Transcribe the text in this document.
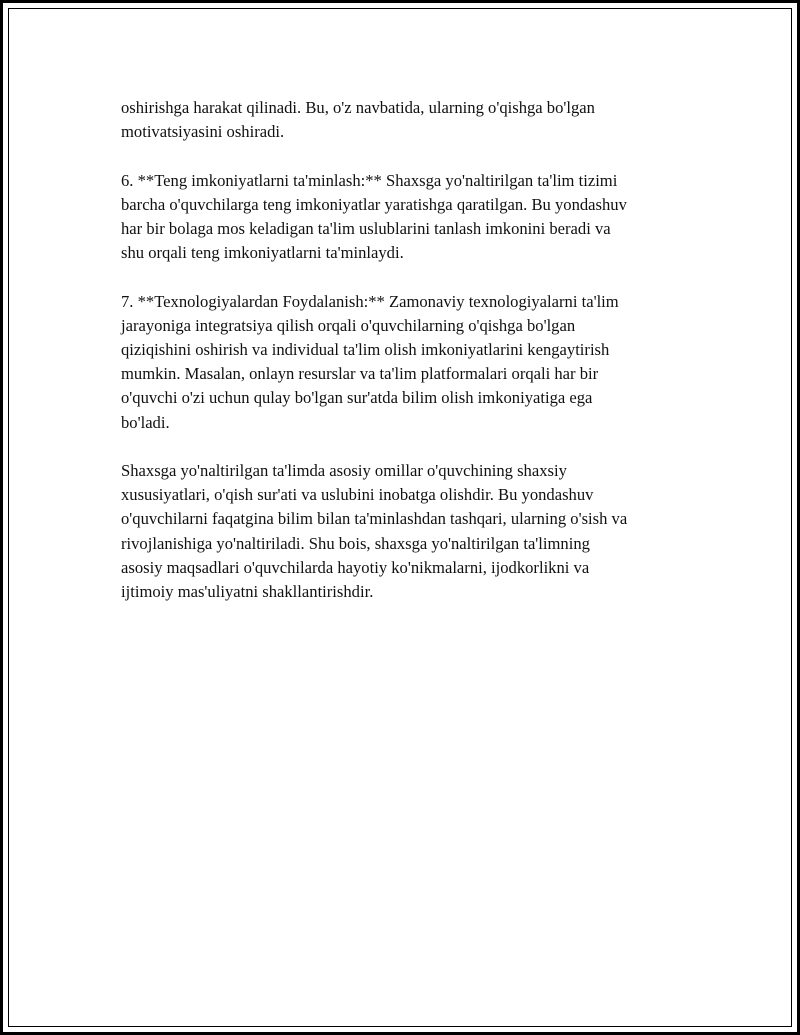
oshirishga harakat qilinadi. Bu, o'z navbatida, ularning o'qishga bo'lgan
motivatsiyasini oshiradi.

6. **Teng imkoniyatlarni ta'minlash:** Shaxsga yo'naltirilgan ta'lim tizimi
barcha o'quvchilarga teng imkoniyatlar yaratishga qaratilgan. Bu yondashuv
har bir bolaga mos keladigan ta'lim uslublarini tanlash imkonini beradi va
shu orqali teng imkoniyatlarni ta'minlaydi.

7. **Texnologiyalardan Foydalanish:** Zamonaviy texnologiyalarni ta'lim
jarayoniga integratsiya qilish orqali o'quvchilarning o'qishga bo'lgan
qiziqishini oshirish va individual ta'lim olish imkoniyatlarini kengaytirish
mumkin. Masalan, onlayn resurslar va ta'lim platformalari orqali har bir
o'quvchi o'zi uchun qulay bo'lgan sur'atda bilim olish imkoniyatiga ega
bo'ladi.

Shaxsga yo'naltirilgan ta'limda asosiy omillar o'quvchining shaxsiy
xususiyatlari, o'qish sur'ati va uslubini inobatga olishdir. Bu yondashuv
o'quvchilarni faqatgina bilim bilan ta'minlashdan tashqari, ularning o'sish va
rivojlanishiga yo'naltiriladi. Shu bois, shaxsga yo'naltirilgan ta'limning
asosiy maqsadlari o'quvchilarda hayotiy ko'nikmalarni, ijodkorlikni va
ijtimoiy mas'uliyatni shakllantirishdir.
